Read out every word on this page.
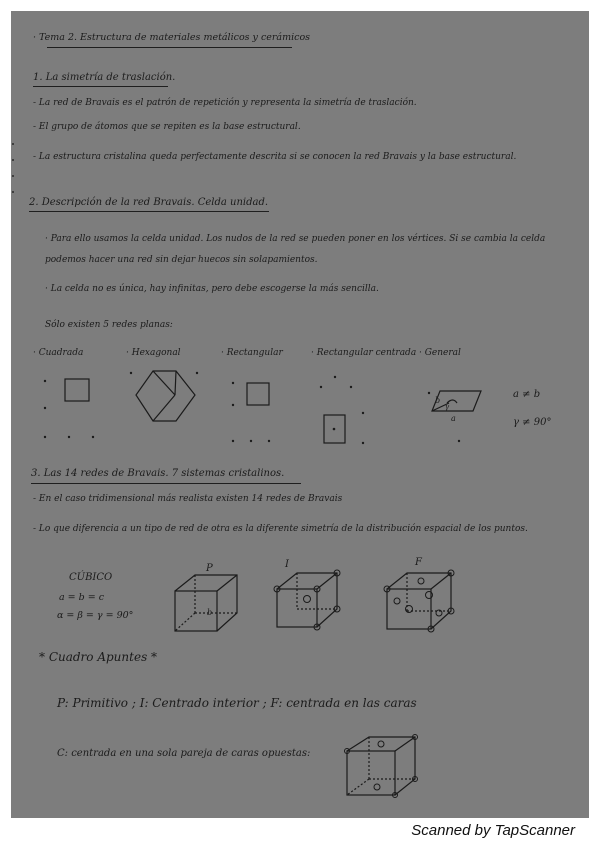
· Tema 2. Estructura de materiales metálicos y cerámicos
1. La simetría de traslación.
- La red de Bravais es el patrón de repetición y representa la simetría de traslación.
- El grupo de átomos que se repiten es la base estructural.
- La estructura cristalina queda perfectamente descrita si se conocen la red Bravais y la base estructural.
2. Descripción de la red Bravais. Celda unidad.
· Para ello usamos la celda unidad. Los nudos de la red se pueden poner en los vértices. Si se cambia la celda
podemos hacer una red sin dejar huecos sin solapamientos.
· La celda no es única, hay infinitas, pero debe escogerse la más sencilla.
Sólo existen 5 redes planas:
· Cuadrada	· Hexagonal	· Rectangular	· Rectangular centrada · General
b
a
γ
a ≠ b
γ ≠ 90°
3. Las 14 redes de Bravais. 7 sistemas cristalinos.
- En el caso tridimensional más realista existen 14 redes de Bravais
- Lo que diferencia a un tipo de red de otra es la diferente simetría de la distribución espacial de los puntos.
CÚBICO
a = b = c
α = β = γ = 90°
P	I	F
b
* Cuadro Apuntes *
P: Primitivo ; I: Centrado interior ; F: centrada en las caras
C: centrada en una sola pareja de caras opuestas:
Scanned by TapScanner
